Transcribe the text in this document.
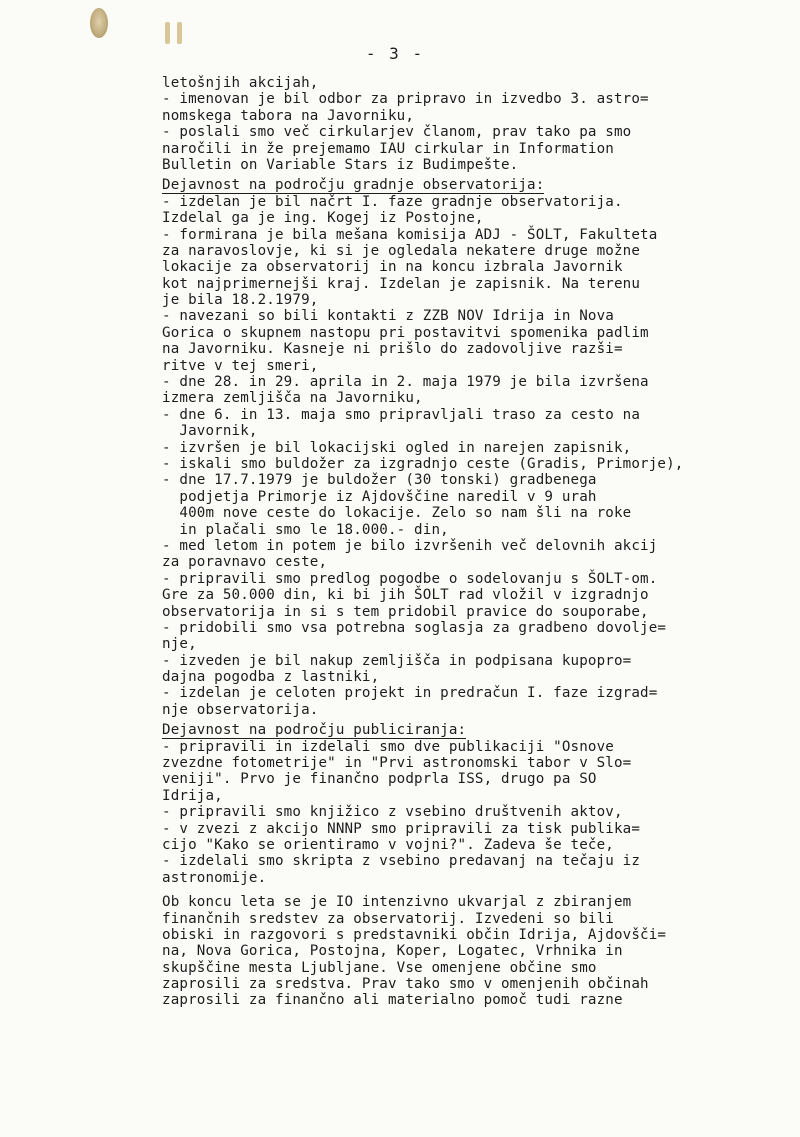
- 3 -
letošnjih akcijah,
- imenovan je bil odbor za pripravo in izvedbo 3. astro=
nomskega tabora na Javorniku,
- poslali smo več cirkularjev članom, prav tako pa smo
naročili in že prejemamo IAU cirkular in Information
Bulletin on Variable Stars iz Budimpešte.
Dejavnost na področju gradnje observatorija:
- izdelan je bil načrt I. faze gradnje observatorija.
Izdelal ga je ing. Kogej iz Postojne,
- formirana je bila mešana komisija ADJ - ŠOLT, Fakulteta
za naravoslovje, ki si je ogledala nekatere druge možne
lokacije za observatorij in na koncu izbrala Javornik
kot najprimernejši kraj. Izdelan je zapisnik. Na terenu
je bila 18.2.1979,
- navezani so bili kontakti z ZZB NOV Idrija in Nova
Gorica o skupnem nastopu pri postavitvi spomenika padlim
na Javorniku. Kasneje ni prišlo do zadovoljive razši=
ritve v tej smeri,
- dne 28. in 29. aprila in 2. maja 1979 je bila izvršena
izmera zemljišča na Javorniku,
- dne 6. in 13. maja smo pripravljali traso za cesto na
Javornik,
- izvršen je bil lokacijski ogled in narejen zapisnik,
- iskali smo buldožer za izgradnjo ceste (Gradis, Primorje),
- dne 17.7.1979 je buldožer (30 tonski) gradbenega
podjetja Primorje iz Ajdovščine naredil v 9 urah
400m nove ceste do lokacije. Zelo so nam šli na roke
in plačali smo le 18.000.- din,
- med letom in potem je bilo izvršenih več delovnih akcij
za poravnavo ceste,
- pripravili smo predlog pogodbe o sodelovanju s ŠOLT-om.
Gre za 50.000 din, ki bi jih ŠOLT rad vložil v izgradnjo
observatorija in si s tem pridobil pravice do souporabe,
- pridobili smo vsa potrebna soglasja za gradbeno dovolje=
nje,
- izveden je bil nakup zemljišča in podpisana kupopro=
dajna pogodba z lastniki,
- izdelan je celoten projekt in predračun I. faze izgrad=
nje observatorija.
Dejavnost na področju publiciranja:
- pripravili in izdelali smo dve publikaciji "Osnove
zvezdne fotometrije" in "Prvi astronomski tabor v Slo=
veniji". Prvo je finančno podprla ISS, drugo pa SO
Idrija,
- pripravili smo knjižico z vsebino društvenih aktov,
- v zvezi z akcijo NNNP smo pripravili za tisk publika=
cijo "Kako se orientiramo v vojni?". Zadeva še teče,
- izdelali smo skripta z vsebino predavanj na tečaju iz
astronomije.
Ob koncu leta se je IO intenzivno ukvarjal z zbiranjem
finančnih sredstev za observatorij. Izvedeni so bili
obiski in razgovori s predstavniki občin Idrija, Ajdovšči=
na, Nova Gorica, Postojna, Koper, Logatec, Vrhnika in
skupščine mesta Ljubljane. Vse omenjene občine smo
zaprosili za sredstva. Prav tako smo v omenjenih občinah
zaprosili za finančno ali materialno pomoč tudi razne
